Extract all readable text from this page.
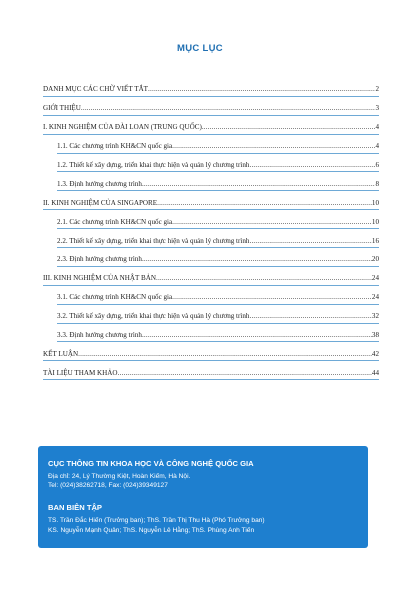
MỤC LỤC
DANH MỤC CÁC CHỮ VIẾT TẮT .....	2
GIỚI THIỆU .....	3
I. KINH NGHIỆM CỦA ĐÀI LOAN (TRUNG QUỐC) .....	4
1.1. Các chương trình KH&CN quốc gia .....	4
1.2. Thiết kế xây dựng, triển khai thực hiện và quản lý chương trình .....	6
1.3. Định hướng chương trình .....	8
II. KINH NGHIỆM CỦA SINGAPORE .....	10
2.1. Các chương trình KH&CN quốc gia .....	10
2.2. Thiết kế xây dựng, triển khai thực hiện và quản lý chương trình .....	16
2.3. Định hướng chương trình .....	20
III. KINH NGHIỆM CỦA NHẬT BẢN .....	24
3.1. Các chương trình KH&CN quốc gia .....	24
3.2. Thiết kế xây dựng, triển khai thực hiện và quản lý chương trình .....	32
3.3. Định hướng chương trình .....	38
KẾT LUẬN .....	42
TÀI LIỆU THAM KHẢO .....	44
CỤC THÔNG TIN KHOA HỌC VÀ CÔNG NGHỆ QUỐC GIA
Địa chỉ: 24, Lý Thường Kiệt, Hoàn Kiếm, Hà Nội.
Tel: (024)38262718, Fax: (024)39349127
BAN BIÊN TẬP
TS. Trần Đắc Hiến (Trưởng ban); ThS. Trần Thị Thu Hà (Phó Trưởng ban)
KS. Nguyễn Mạnh Quân; ThS. Nguyễn Lê Hằng; ThS. Phùng Anh Tiến
